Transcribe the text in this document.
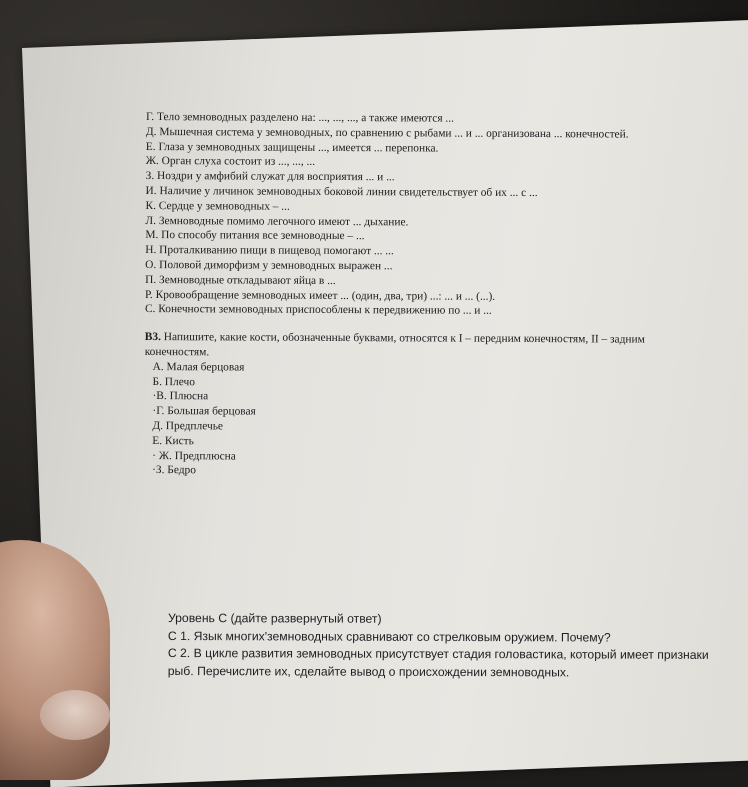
Г. Тело земноводных разделено на: ..., ..., ..., а также имеются ...
Д. Мышечная система у земноводных, по сравнению с рыбами ... и ... организована ... конечностей.
Е. Глаза у земноводных защищены ..., имеется ... перепонка.
Ж. Орган слуха состоит из ..., ..., ...
З. Ноздри у амфибий служат для восприятия ... и ...
И. Наличие у личинок земноводных боковой линии свидетельствует об их ... с ...
К. Сердце у земноводных – ...
Л. Земноводные помимо легочного имеют ... дыхание.
М. По способу питания все земноводные – ...
Н. Проталкиванию пищи в пищевод помогают ... ...
О. Половой диморфизм у земноводных выражен ...
П. Земноводные откладывают яйца в ...
Р. Кровообращение земноводных имеет ... (один, два, три) ...: ... и ... (...).
С. Конечности земноводных приспособлены к передвижению по ... и ...
В3. Напишите, какие кости, обозначенные буквами, относятся к I – передним конечностям, II – задним конечностям.
А. Малая берцовая
Б. Плечо
·В. Плюсна
·Г. Большая берцовая
Д. Предплечье
Е. Кисть
· Ж. Предплюсна
·З. Бедро
Уровень С (дайте развернутый ответ)
С 1. Язык многих'земноводных сравнивают со стрелковым оружием. Почему?
С 2. В цикле развития земноводных присутствует стадия головастика, который имеет признаки
рыб. Перечислите их, сделайте вывод о происхождении земноводных.
